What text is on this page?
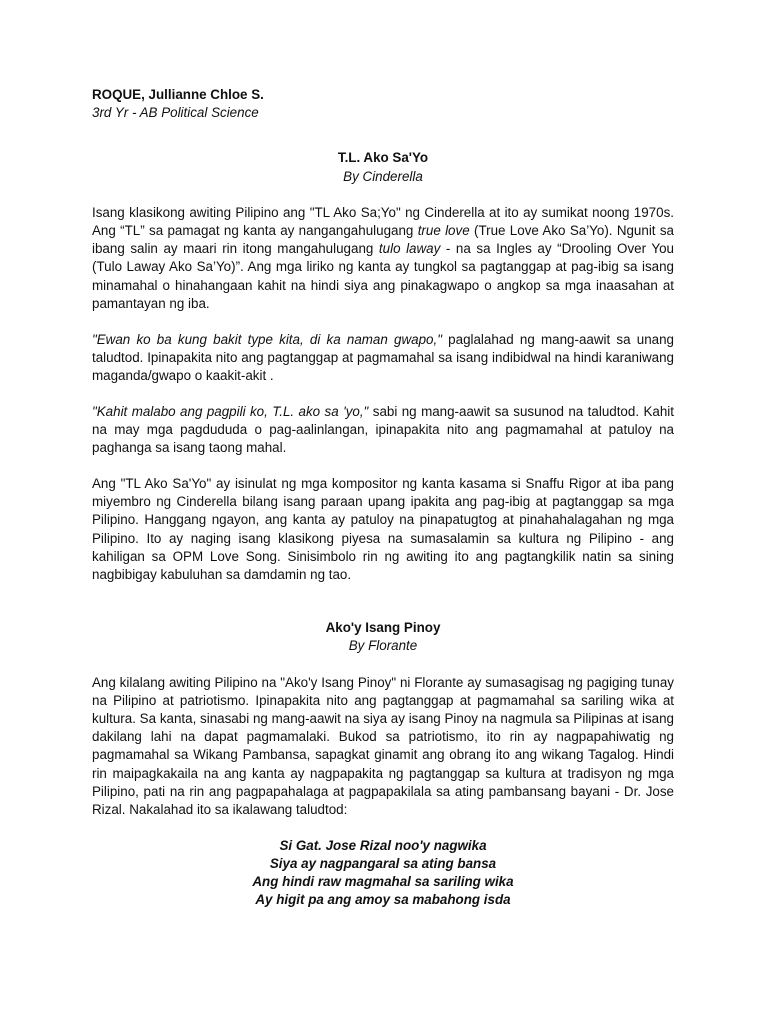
ROQUE, Jullianne Chloe S.

3rd Yr - AB Political Science

T.L. Ako Sa'Yo

By Cinderella

Isang klasikong awiting Pilipino ang "TL Ako Sa;Yo" ng Cinderella at ito ay sumikat noong 1970s. Ang “TL” sa pamagat ng kanta ay nangangahulugang true love (True Love Ako Sa’Yo). Ngunit sa ibang salin ay maari rin itong mangahulugang tulo laway - na sa Ingles ay “Drooling Over You (Tulo Laway Ako Sa’Yo)”. Ang mga liriko ng kanta ay tungkol sa pagtanggap at pag-ibig sa isang minamahal o hinahangaan kahit na hindi siya ang pinakagwapo o angkop sa mga inaasahan at pamantayan ng iba.

"Ewan ko ba kung bakit type kita, di ka naman gwapo," paglalahad ng mang-aawit sa unang taludtod. Ipinapakita nito ang pagtanggap at pagmamahal sa isang indibidwal na hindi karaniwang maganda/gwapo o kaakit-akit .

"Kahit malabo ang pagpili ko, T.L. ako sa 'yo," sabi ng mang-aawit sa susunod na taludtod. Kahit na may mga pagdududa o pag-aalinlangan, ipinapakita nito ang pagmamahal at patuloy na paghanga sa isang taong mahal.

Ang "TL Ako Sa'Yo" ay isinulat ng mga kompositor ng kanta kasama si Snaffu Rigor at iba pang miyembro ng Cinderella bilang isang paraan upang ipakita ang pag-ibig at pagtanggap sa mga Pilipino. Hanggang ngayon, ang kanta ay patuloy na pinapatugtog at pinahahalagahan ng mga Pilipino. Ito ay naging isang klasikong piyesa na sumasalamin sa kultura ng Pilipino - ang kahiligan sa OPM Love Song. Sinisimbolo rin ng awiting ito ang pagtangkilik natin sa sining nagbibigay kabuluhan sa damdamin ng tao.

Ako'y Isang Pinoy

By Florante

Ang kilalang awiting Pilipino na "Ako'y Isang Pinoy" ni Florante ay sumasagisag ng pagiging tunay na Pilipino at patriotismo. Ipinapakita nito ang pagtanggap at pagmamahal sa sariling wika at kultura. Sa kanta, sinasabi ng mang-aawit na siya ay isang Pinoy na nagmula sa Pilipinas at isang dakilang lahi na dapat pagmamalaki. Bukod sa patriotismo, ito rin ay nagpapahiwatig ng pagmamahal sa Wikang Pambansa, sapagkat ginamit ang obrang ito ang wikang Tagalog. Hindi rin maipagkakaila na ang kanta ay nagpapakita ng pagtanggap sa kultura at tradisyon ng mga Pilipino, pati na rin ang pagpapahalaga at pagpapakilala sa ating pambansang bayani - Dr. Jose Rizal. Nakalahad ito sa ikalawang taludtod:

Si Gat. Jose Rizal noo'y nagwika

Siya ay nagpangaral sa ating bansa

Ang hindi raw magmahal sa sariling wika

Ay higit pa ang amoy sa mabahong isda
